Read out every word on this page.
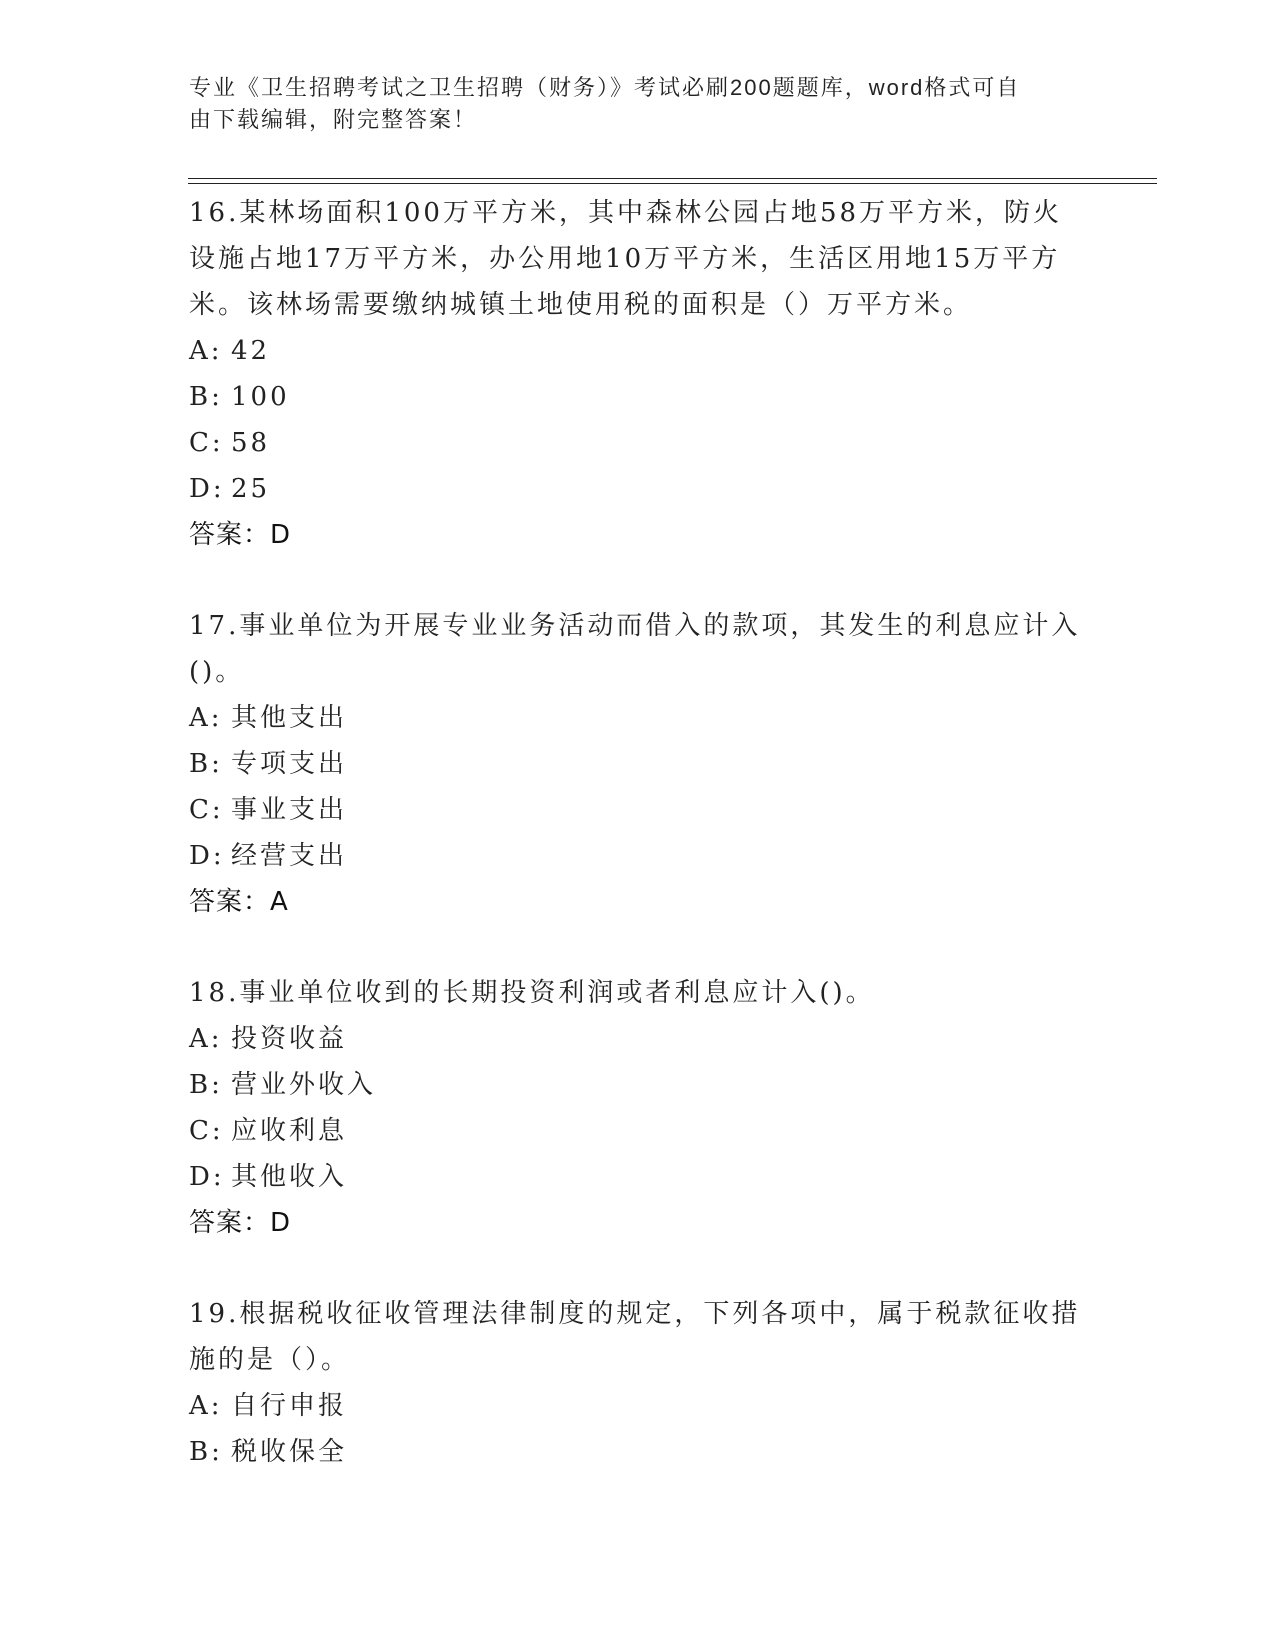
专业《卫生招聘考试之卫生招聘（财务）》考试必刷200题题库，word格式可自
由下载编辑，附完整答案！
16.某林场面积100万平方米，其中森林公园占地58万平方米，防火
设施占地17万平方米，办公用地10万平方米，生活区用地15万平方
米。该林场需要缴纳城镇土地使用税的面积是（）万平方米。
A: 42
B: 100
C: 58
D: 25
答案：D
17.事业单位为开展专业业务活动而借入的款项，其发生的利息应计入
()。
A: 其他支出
B: 专项支出
C: 事业支出
D: 经营支出
答案：A
18.事业单位收到的长期投资利润或者利息应计入()。
A: 投资收益
B: 营业外收入
C: 应收利息
D: 其他收入
答案：D
19.根据税收征收管理法律制度的规定，下列各项中，属于税款征收措
施的是（）。
A: 自行申报
B: 税收保全
